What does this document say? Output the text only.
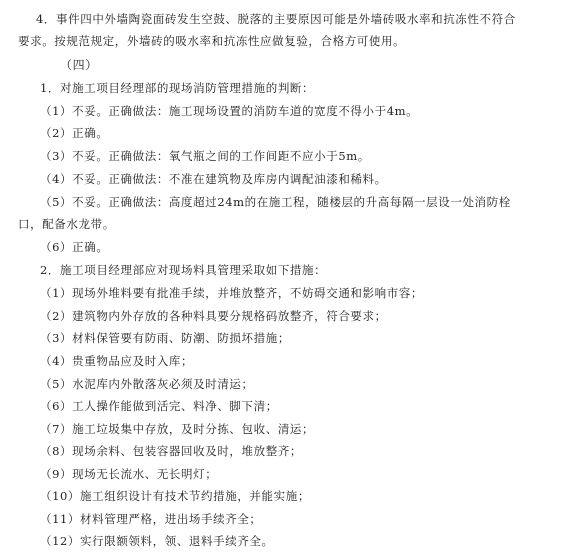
4．事件四中外墙陶瓷面砖发生空鼓、脱落的主要原因可能是外墙砖吸水率和抗冻性不符合
要求。按规范规定，外墙砖的吸水率和抗冻性应做复验，合格方可使用。
（四）
1．对施工项目经理部的现场消防管理措施的判断：
（1）不妥。正确做法：施工现场设置的消防车道的宽度不得小于4m。
（2）正确。
（3）不妥。正确做法：氧气瓶之间的工作间距不应小于5m。
（4）不妥。正确做法：不准在建筑物及库房内调配油漆和稀料。
（5）不妥。正确做法：高度超过24m的在施工程，随楼层的升高每隔一层设一处消防栓
口，配备水龙带。
（6）正确。
2．施工项目经理部应对现场料具管理采取如下措施：
（1）现场外堆料要有批准手续，并堆放整齐，不妨碍交通和影响市容；
（2）建筑物内外存放的各种料具要分规格码放整齐，符合要求；
（3）材料保管要有防雨、防潮、防损坏措施；
（4）贵重物品应及时入库；
（5）水泥库内外散落灰必须及时清运；
（6）工人操作能做到活完、料净、脚下清；
（7）施工垃圾集中存放，及时分拣、包收、清运；
（8）现场余料、包装容器回收及时，堆放整齐；
（9）现场无长流水、无长明灯；
（10）施工组织设计有技术节约措施，并能实施；
（11）材料管理严格，进出场手续齐全；
（12）实行限额领料，领、退料手续齐全。
